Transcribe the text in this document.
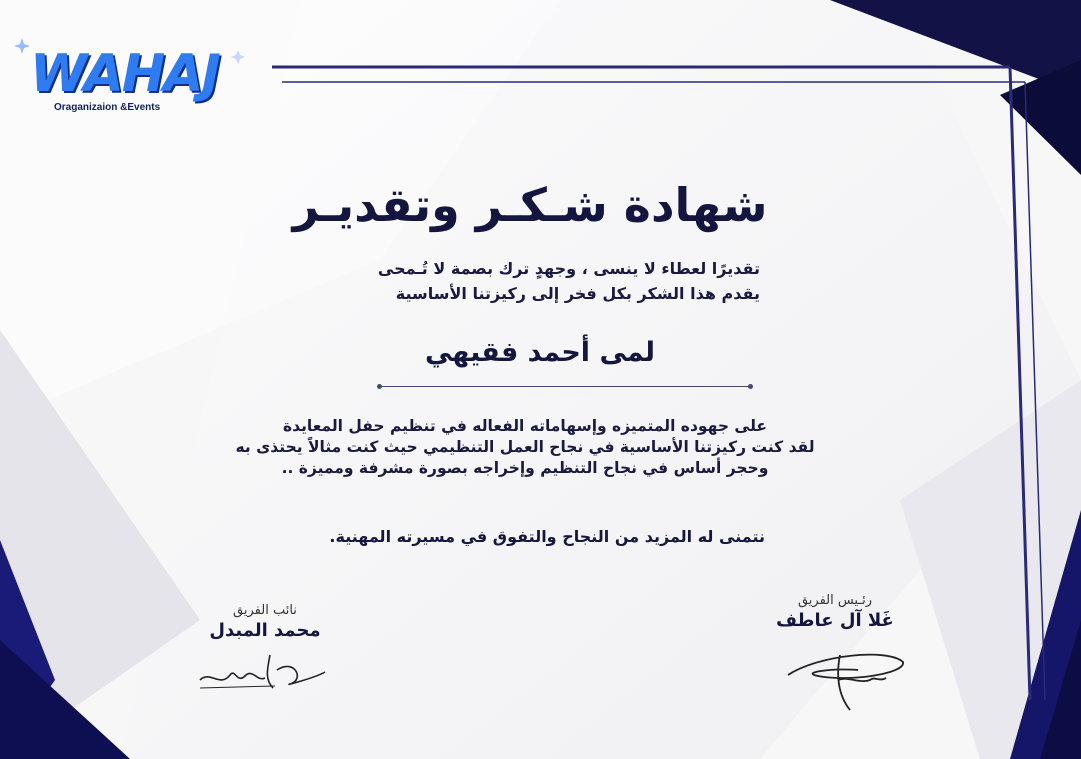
WAHAJ
Oraganizaion &Events
شهادة شـكـر وتقديـر
تقديرًا لعطاء لا ينسى ، وجهدٍ ترك بصمة لا تُـمحى
يقدم هذا الشكر بكل فخر إلى ركيزتنا الأساسية
لمى أحمد فقيهي
على جهوده المتميزه وإسهاماته الفعاله في تنظيم حفل المعايدة
لقد كنت ركيزتنا الأساسية في نجاح العمل التنظيمي حيث كنت مثالاً يحتذى به
وحجر أساس في نجاح التنظيم وإخراجه بصورة مشرفة ومميزة ..
نتمنى له المزيد من النجاح والتفوق في مسيرته المهنية.
نائب الفريق
محمد المبدل
رئـيس الفريق
غَلا آل عاطف
